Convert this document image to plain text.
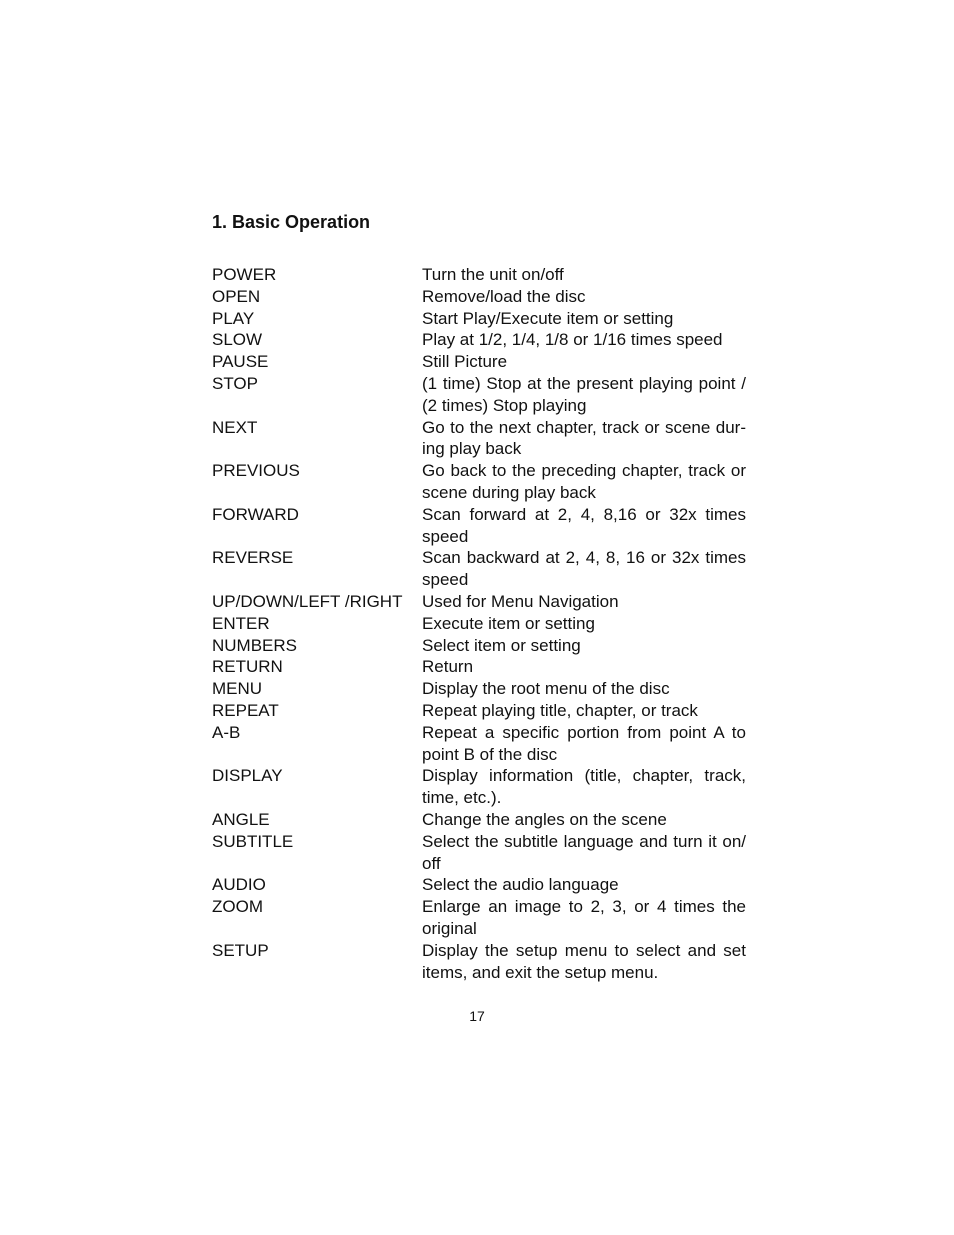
1. Basic Operation
POWER	Turn the unit on/off
OPEN	Remove/load the disc
PLAY	Start Play/Execute item or setting
SLOW	Play at 1/2, 1/4, 1/8 or 1/16 times speed
PAUSE	Still Picture
STOP	(1 time) Stop at the present playing point / (2 times) Stop playing
NEXT	Go to the next chapter, track or scene dur-ing play back
PREVIOUS	Go back to the preceding chapter, track or scene during play back
FORWARD	Scan forward at 2, 4, 8,16 or 32x times speed
REVERSE	Scan backward at 2, 4, 8, 16 or 32x times speed
UP/DOWN/LEFT /RIGHT	Used for Menu Navigation
ENTER	Execute item or setting
NUMBERS	Select item or setting
RETURN	Return
MENU	Display the root menu of the disc
REPEAT	Repeat playing title, chapter, or track
A-B	Repeat a specific portion from point A to point B of the disc
DISPLAY	Display information (title, chapter, track, time, etc.).
ANGLE	Change the angles on the scene
SUBTITLE	Select the subtitle language and turn it on/ off
AUDIO	Select the audio language
ZOOM	Enlarge an image to 2, 3, or 4 times the original
SETUP	Display the setup menu to select and set items, and exit the setup menu.
17
